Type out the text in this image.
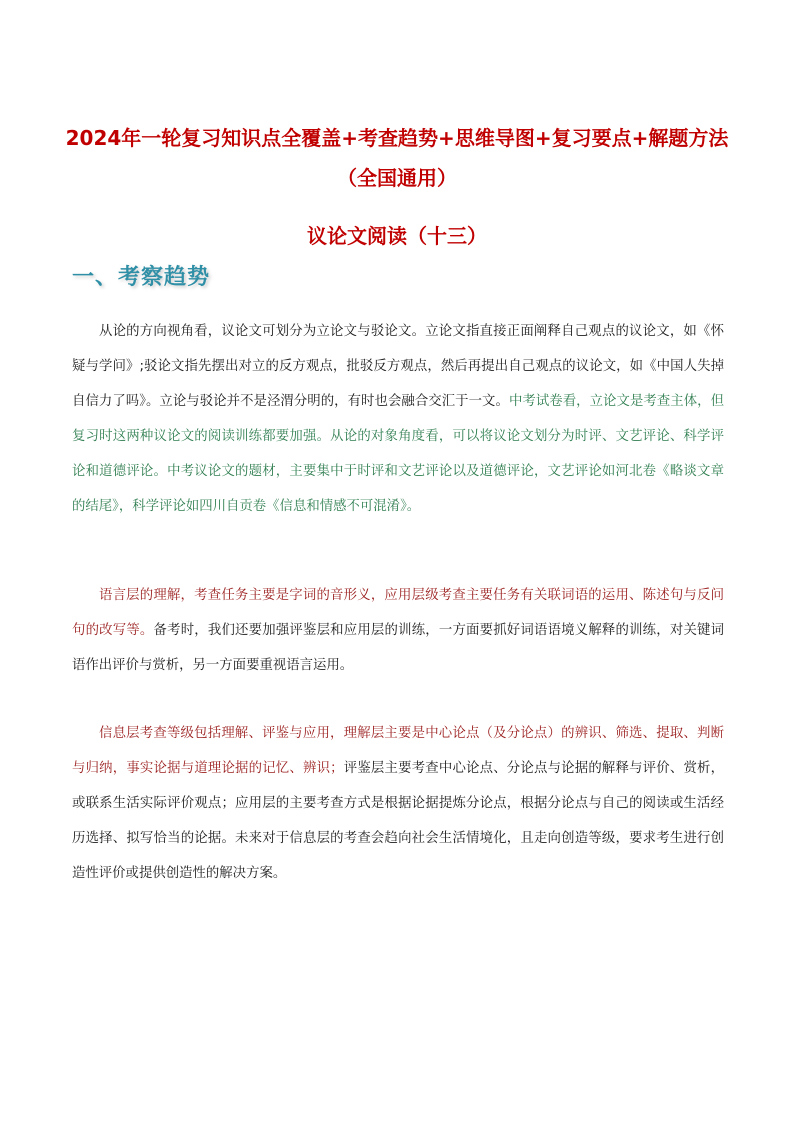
2024年一轮复习知识点全覆盖+考查趋势+思维导图+复习要点+解题方法（全国通用）
议论文阅读（十三）
一、考察趋势

从论的方向视角看，议论文可划分为立论文与驳论文。立论文指直接正面阐释自己观点的议论文，如《怀疑与学问》;驳论文指先摆出对立的反方观点，批驳反方观点，然后再提出自己观点的议论文，如《中国人失掉自信力了吗》。立论与驳论并不是泾渭分明的，有时也会融合交汇于一文。中考试卷看，立论文是考查主体，但复习时这两种议论文的阅读训练都要加强。从论的对象角度看，可以将议论文划分为时评、文艺评论、科学评论和道德评论。中考议论文的题材，主要集中于时评和文艺评论以及道德评论，文艺评论如河北卷《略谈文章的结尾》，科学评论如四川自贡卷《信息和情感不可混淆》。

语言层的理解，考查任务主要是字词的音形义，应用层级考查主要任务有关联词语的运用、陈述句与反问句的改写等。备考时，我们还要加强评鉴层和应用层的训练，一方面要抓好词语语境义解释的训练，对关键词语作出评价与赏析，另一方面要重视语言运用。

信息层考查等级包括理解、评鉴与应用，理解层主要是中心论点（及分论点）的辨识、筛选、提取、判断与归纳，事实论据与道理论据的记忆、辨识；评鉴层主要考查中心论点、分论点与论据的解释与评价、赏析，或联系生活实际评价观点；应用层的主要考查方式是根据论据提炼分论点，根据分论点与自己的阅读或生活经历选择、拟写恰当的论据。未来对于信息层的考查会趋向社会生活情境化，且走向创造等级，要求考生进行创造性评价或提供创造性的解决方案。
